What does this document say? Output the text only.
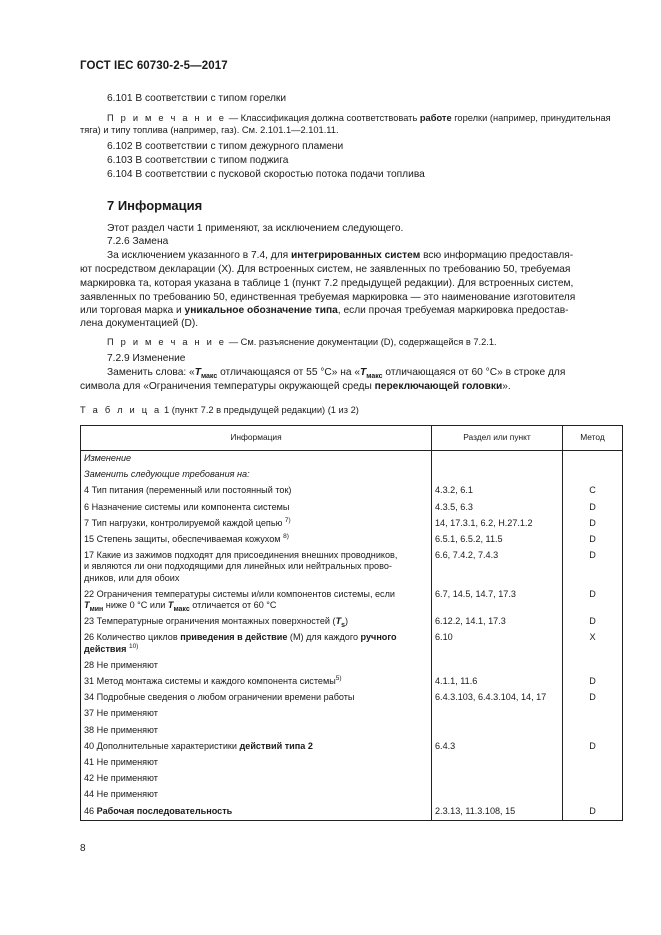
ГОСТ IEC 60730-2-5—2017
6.101 В соответствии с типом горелки
П р и м е ч а н и е — Классификация должна соответствовать работе горелки (например, принудительная
тяга) и типу топлива (например, газ). См. 2.101.1—2.101.11.
6.102 В соответствии с типом дежурного пламени
6.103 В соответствии с типом поджига
6.104 В соответствии с пусковой скоростью потока подачи топлива
7 Информация
Этот раздел части 1 применяют, за исключением следующего.
7.2.6 Замена
За исключением указанного в 7.4, для интегрированных систем всю информацию предоставля-
ют посредством декларации (X). Для встроенных систем, не заявленных по требованию 50, требуемая
маркировка та, которая указана в таблице 1 (пункт 7.2 предыдущей редакции). Для встроенных систем,
заявленных по требованию 50, единственная требуемая маркировка — это наименование изготовителя
или торговая марка и уникальное обозначение типа, если прочая требуемая маркировка предостав-
лена документацией (D).
П р и м е ч а н и е — См. разъяснение документации (D), содержащейся в 7.2.1.
7.2.9 Изменение
Заменить слова: «$T_{макс}$ отличающаяся от 55 °C» на «$T_{макс}$ отличающаяся от 60 °C» в строке для
символа для «Ограничения температуры окружающей среды переключающей головки».
Т а б л и ц а 1 (пункт 7.2 в предыдущей редакции) (1 из 2)
Информация	Раздел или пункт	Метод
Изменение		
Заменить следующие требования на:		
4 Тип питания (переменный или постоянный ток)	4.3.2, 6.1	C
6 Назначение системы или компонента системы	4.3.5, 6.3	D
7 Тип нагрузки, контролируемой каждой цепью $^{7)}$	14, 17.3.1, 6.2, H.27.1.2	D
15 Степень защиты, обеспечиваемая кожухом $^{8)}$	6.5.1, 6.5.2, 11.5	D

17 Какие из зажимов подходят для присоединения внешних проводников,
и являются ли они подходящими для линейных или нейтральных прово-
дников, или для обоих	6.6, 7.4.2, 7.4.3	D

22 Ограничения температуры системы и/или компонентов системы, если
$T_{мин}$ ниже 0 °С или $T_{макс}$ отличается от 60 °С	6.7, 14.5, 14.7, 17.3	D
23 Температурные ограничения монтажных поверхностей $(T_s)$	6.12.2, 14.1, 17.3	D

26 Количество циклов приведения в действие (М) для каждого ручного
действия $^{10)}$	6.10	X
28 Не применяют		
31 Метод монтажа системы и каждого компонента системы$^{5)}$	4.1.1, 11.6	D
34 Подробные сведения о любом ограничении времени работы	6.4.3.103, 6.4.3.104, 14, 17	D
37 Не применяют		
38 Не применяют		
40 Дополнительные характеристики действий типа 2	6.4.3	D
41 Не применяют		
42 Не применяют		
44 Не применяют		
46 Рабочая последовательность	2.3.13, 11.3.108, 15	D
8
